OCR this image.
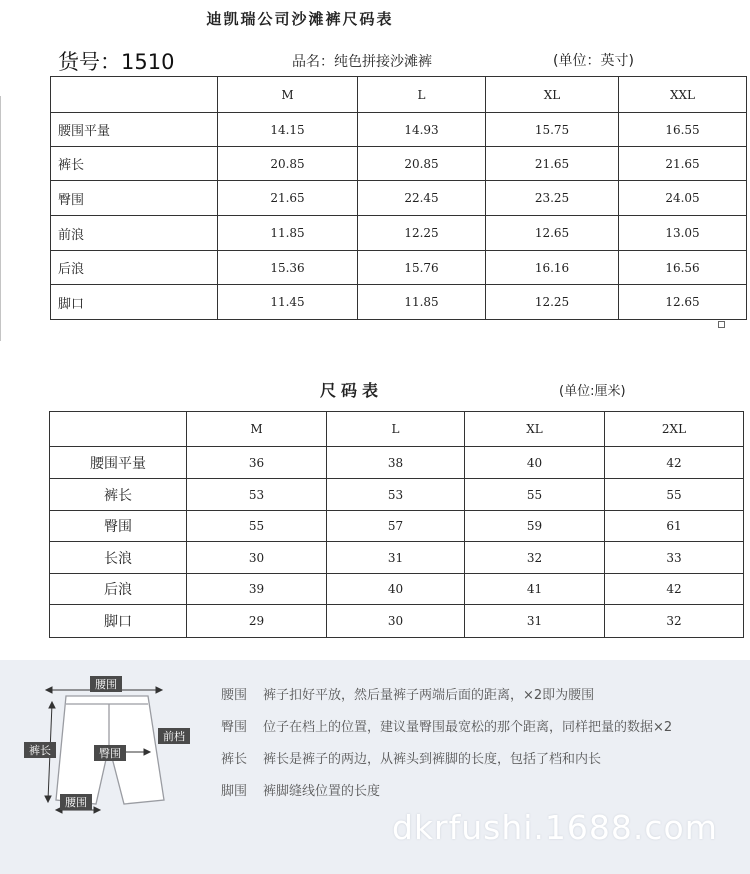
迪凯瑞公司沙滩裤尺码表
货号：1510	品名：纯色拼接沙滩裤	(单位：英寸)
	M	L	XL	XXL
腰围平量	14.15	14.93	15.75	16.55
裤长	20.85	20.85	21.65	21.65
臀围	21.65	22.45	23.25	24.05
前浪	11.85	12.25	12.65	13.05
后浪	15.36	15.76	16.16	16.56
脚口	11.45	11.85	12.25	12.65
尺码表	(单位:厘米)
	M	L	XL	2XL
腰围平量	36	38	40	42
裤长	53	53	55	55
臀围	55	57	59	61
长浪	30	31	32	33
后浪	39	40	41	42
脚口	29	30	31	32
腰围
裤长	臀围
前档
腰围
腰围 裤子扣好平放，然后量裤子两端后面的距离，×2即为腰围
臀围 位子在档上的位置，建议量臀围最宽松的那个距离，同样把量的数据×2
裤长 裤长是裤子的两边，从裤头到裤脚的长度，包括了档和内长
脚围 裤脚缝线位置的长度
dkrfushi.1688.com
